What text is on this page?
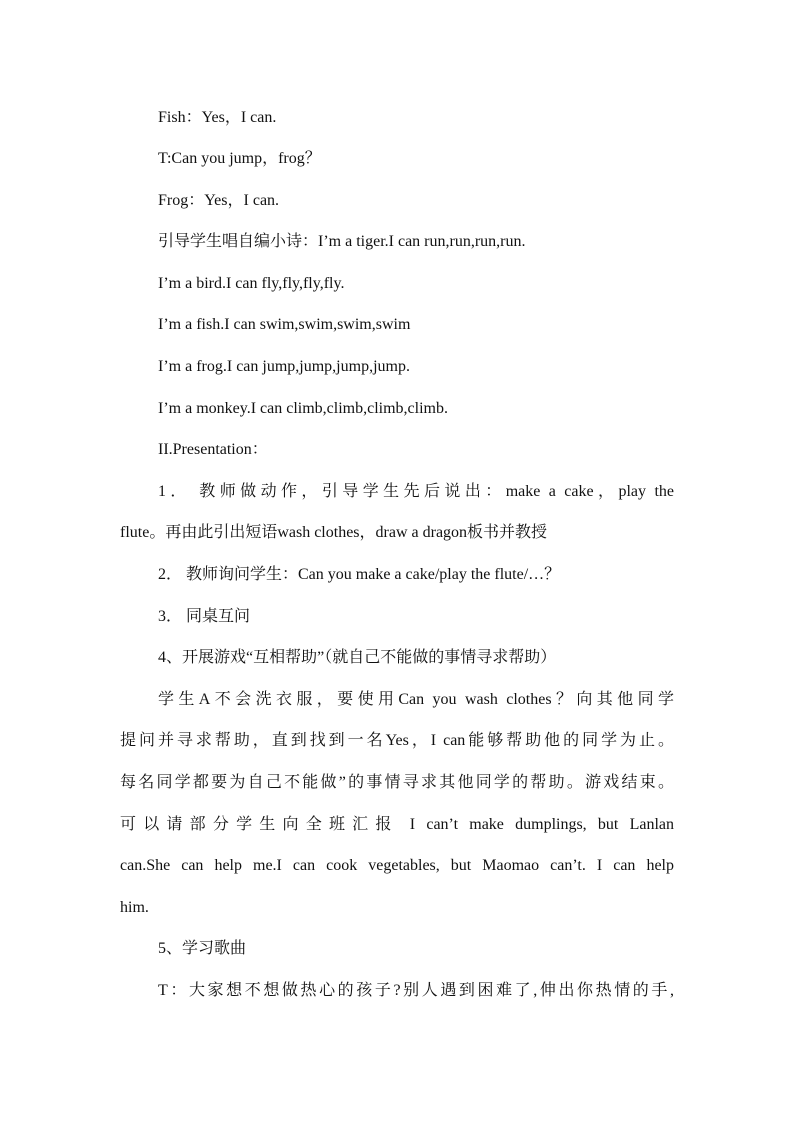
Fish：Yes，I can.
T:Can you jump，frog？
Frog：Yes，I can.
引导学生唱自编小诗：I’m a tiger.I can run,run,run,run.
I’m a bird.I can fly,fly,fly,fly.
I’m a fish.I can swim,swim,swim,swim
I’m a frog.I can jump,jump,jump,jump.
I’m a monkey.I can climb,climb,climb,climb.
II.Presentation：
1． 教师做动作，引导学生先后说出：make a cake，play the
flute。再由此引出短语wash clothes，draw a dragon板书并教授
2． 教师询问学生：Can you make a cake/play the flute/…？
3． 同桌互问
4、开展游戏“互相帮助”（就自己不能做的事情寻求帮助）
学生A不会洗衣服，要使用Can you wash clothes？向其他同学
提问并寻求帮助，直到找到一名Yes，I can能够帮助他的同学为止。
每名同学都要为自己不能做”的事情寻求其他同学的帮助。游戏结束。
可以请部分学生向全班汇报 I can’t make dumplings, but Lanlan
can.She can help me.I can cook vegetables, but Maomao can’t. I can help
him.
5、学习歌曲
T：大家想不想做热心的孩子?别人遇到困难了,伸出你热情的手,
